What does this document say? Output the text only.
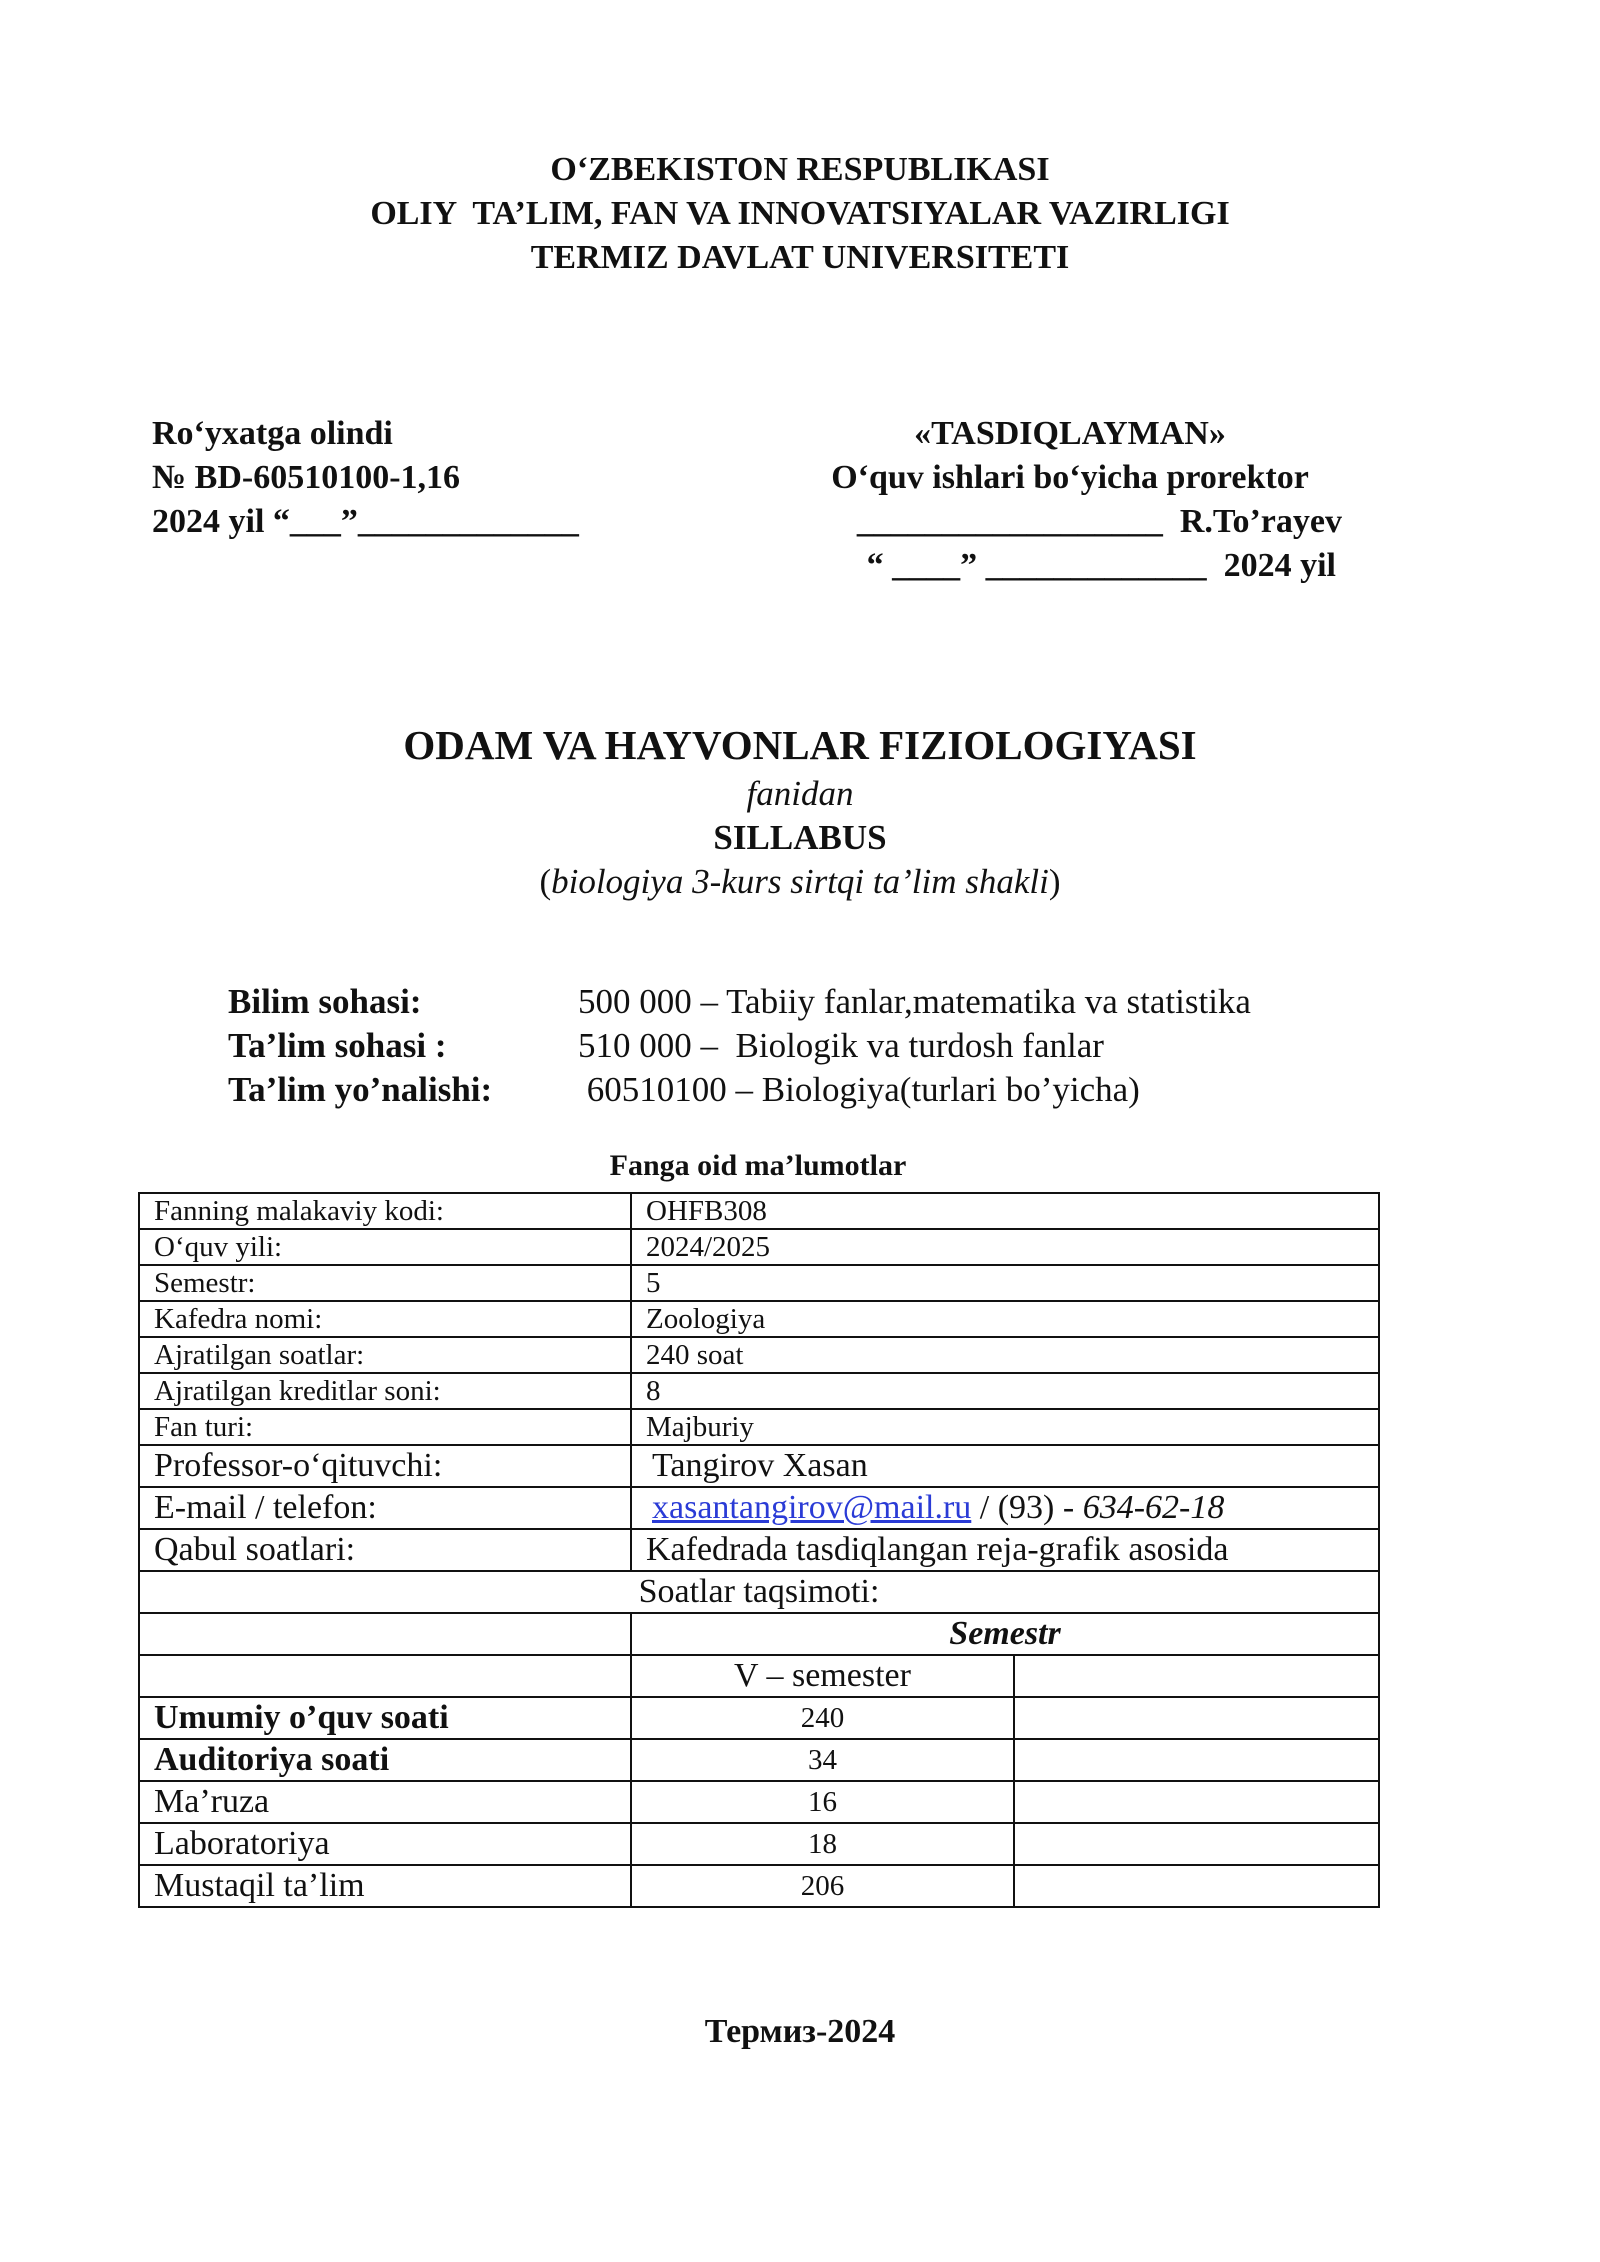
O‘ZBEKISTON RESPUBLIKASI
OLIY  TA’LIM, FAN VA INNOVATSIYALAR VAZIRLIGI
TERMIZ DAVLAT UNIVERSITETI
Ro‘yxatga olindi
№ BD-60510100-1,16
2024 yil “___”_____________
«TASDIQLAYMAN»
O‘quv ishlari bo‘yicha prorektor
__________________  R.To’rayev
“ ____” _____________  2024 yil
ODAM VA HAYVONLAR FIZIOLOGIYASI
fanidan
SILLABUS
(biologiya 3-kurs sirtqi ta’lim shakli)
Bilim sohasi:	500 000 – Tabiiy fanlar,matematika va statistika
Ta’lim sohasi :	510 000 –  Biologik va turdosh fanlar
Ta’lim yo’nalishi:	60510100 – Biologiya(turlari bo’yicha)
Fanga oid ma’lumotlar
Fanning malakaviy kodi:	OHFB308	
O‘quv yili:	2024/2025	
Semestr:	5	
Kafedra nomi:	Zoologiya	
Ajratilgan soatlar:	240 soat	
Ajratilgan kreditlar soni:	8	
Fan turi:	Majburiy	
Professor-o‘qituvchi:	Tangirov Xasan	
E-mail / telefon:	xasantangirov@mail.ru / (93) - 634-62-18	
Qabul soatlari:	Kafedrada tasdiqlangan reja-grafik asosida	
Soatlar taqsimoti:		
	Semestr	
	V – semester	
Umumiy o’quv soati	240	
Auditoriya soati	34	
Ma’ruza	16	
Laboratoriya	18	
Mustaqil ta’lim	206	
Термиз-2024
